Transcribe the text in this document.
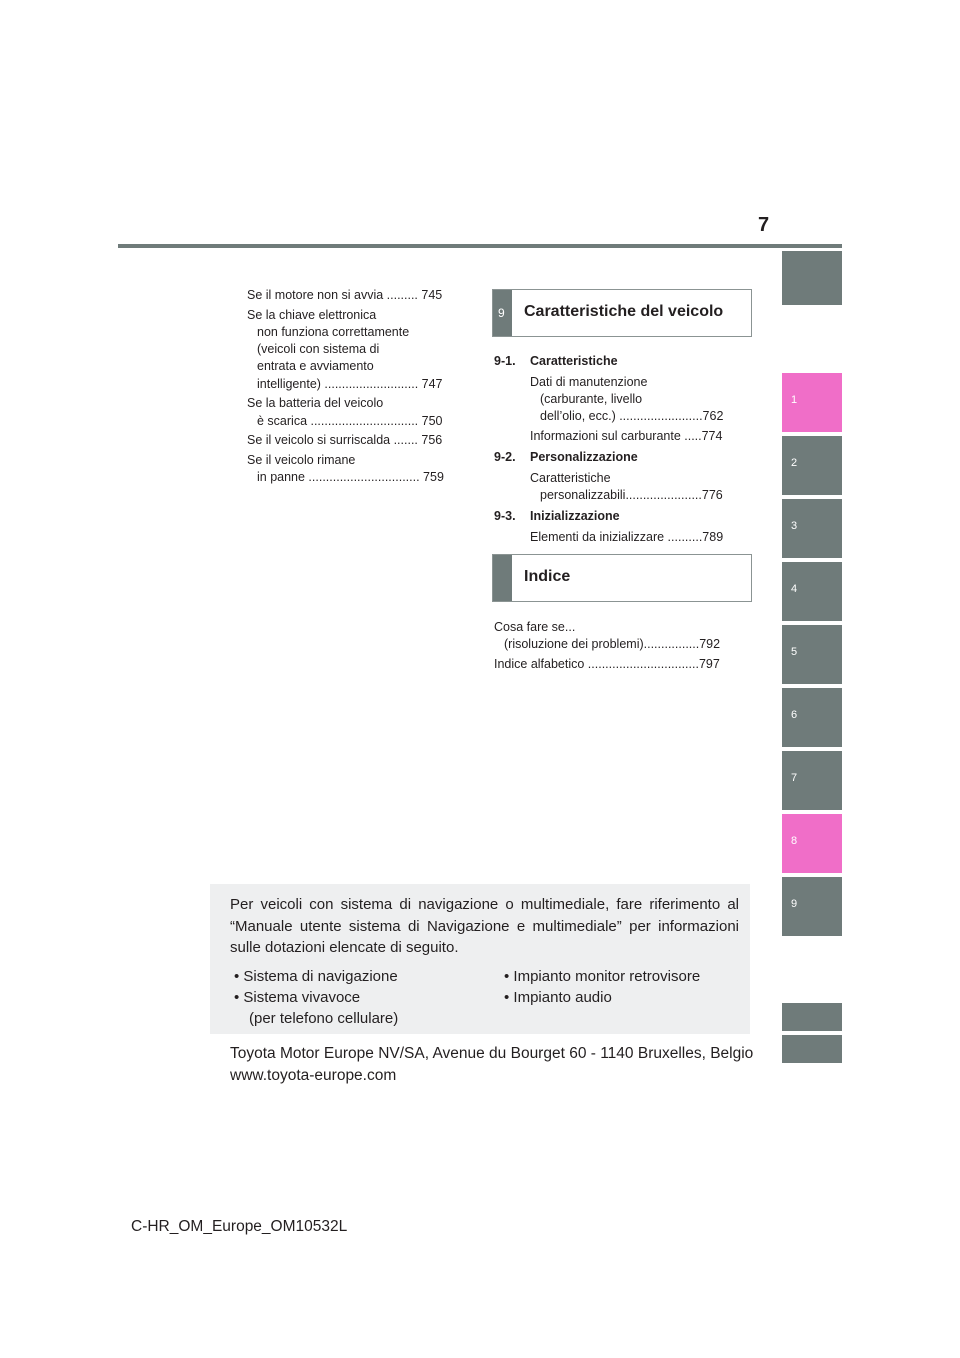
7
1
2
3
4
5
6
7
8
9
Se il motore non si avvia ......... 745
Se la chiave elettronica
non funziona correttamente
(veicoli con sistema di
entrata e avviamento
intelligente) ........................... 747
Se la batteria del veicolo
è scarica ............................... 750
Se il veicolo si surriscalda ....... 756
Se il veicolo rimane
in panne ................................ 759
9 Caratteristiche del veicolo
9-1. Caratteristiche
Dati di manutenzione
(carburante, livello
dell’olio, ecc.) ........................762
Informazioni sul carburante .....774
9-2. Personalizzazione
Caratteristiche
personalizzabili......................776
9-3. Inizializzazione
Elementi da inizializzare ..........789
Indice
Cosa fare se...
(risoluzione dei problemi)................792
Indice alfabetico ................................797
Per veicoli con sistema di navigazione o multimediale, fare riferimento al “Manuale utente sistema di Navigazione e multimediale” per informazioni sulle dotazioni elencate di seguito.
• Sistema di navigazione
• Sistema vivavoce
(per telefono cellulare)
• Impianto monitor retrovisore
• Impianto audio
Toyota Motor Europe NV/SA, Avenue du Bourget 60 - 1140 Bruxelles, Belgio
www.toyota-europe.com
C-HR_OM_Europe_OM10532L
